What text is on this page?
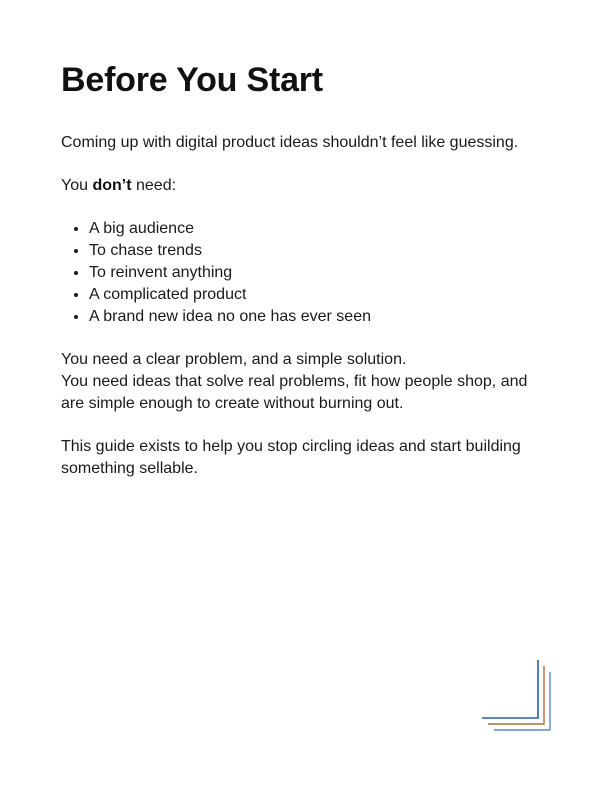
Before You Start

Coming up with digital product ideas shouldn’t feel like guessing.

You don’t need:

• A big audience
• To chase trends
• To reinvent anything
• A complicated product
• A brand new idea no one has ever seen
You need a clear problem, and a simple solution.
You need ideas that solve real problems, fit how people shop, and are simple enough to create without burning out.

This guide exists to help you stop circling ideas and start building something sellable.
